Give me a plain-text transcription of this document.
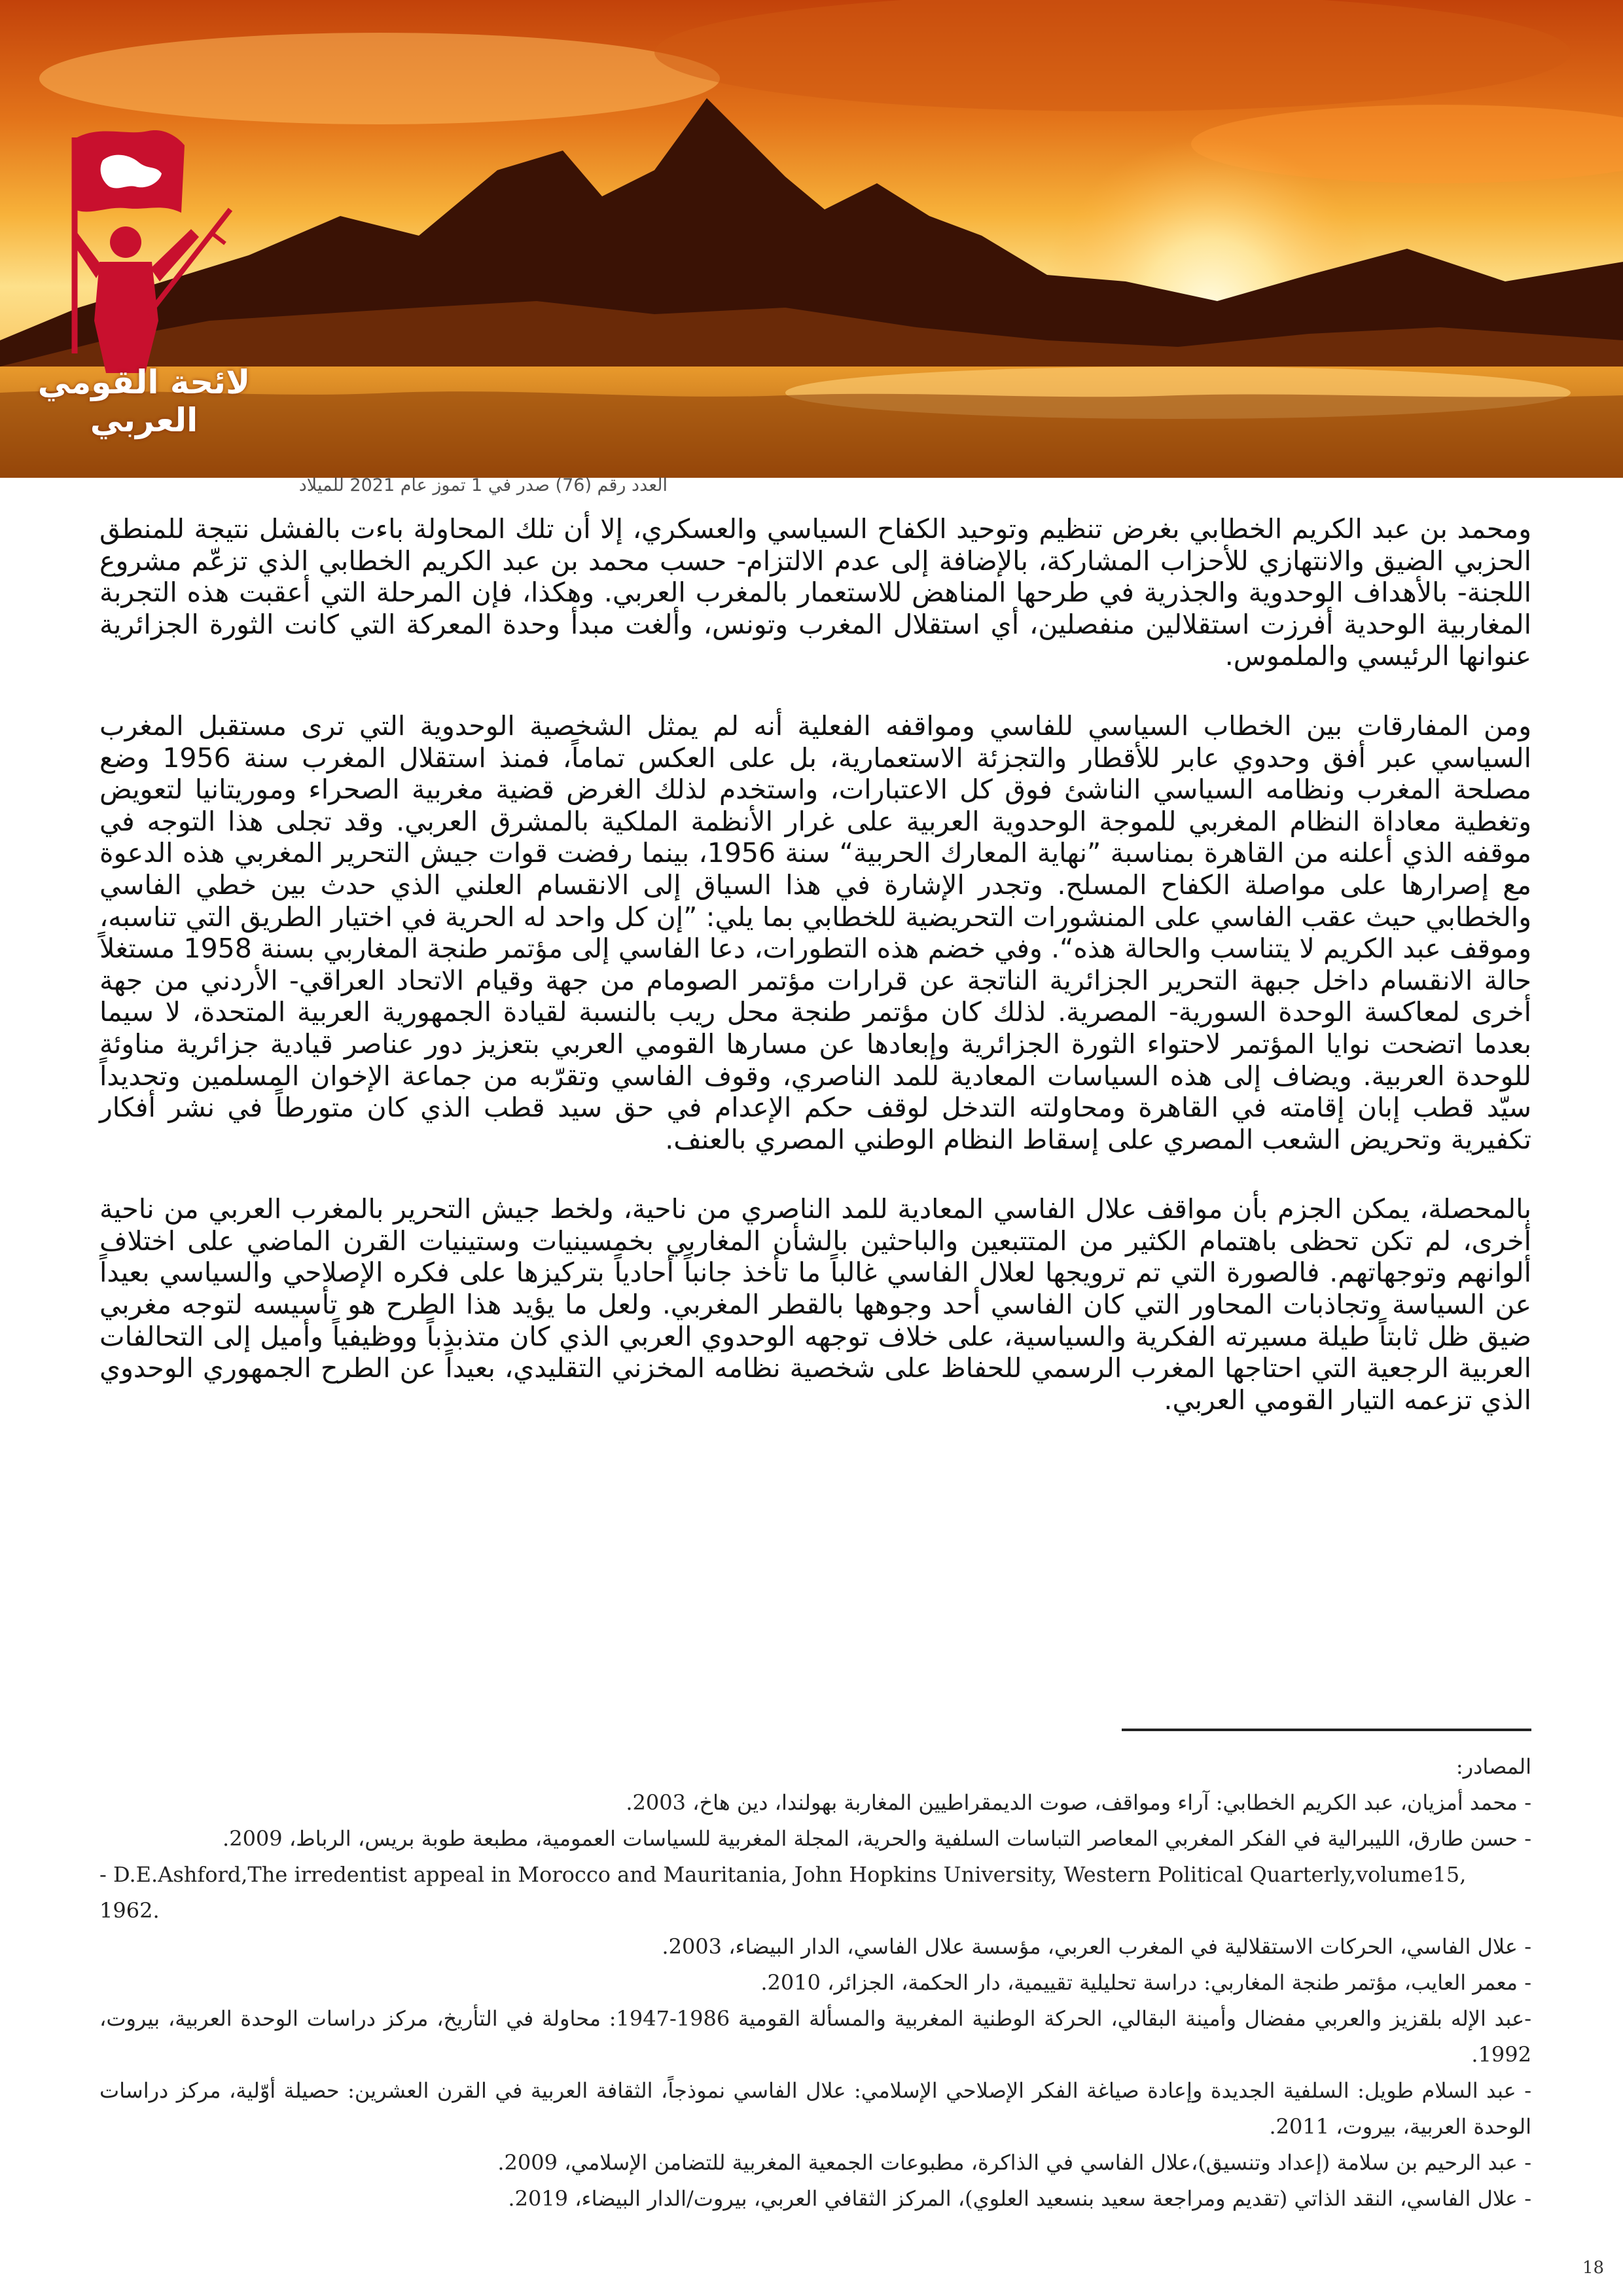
لائحة القومي العربي
العدد رقم (76) صدر في 1 تموز عام 2021 للميلاد

ومحمد بن عبد الكريم الخطابي بغرض تنظيم وتوحيد الكفاح السياسي والعسكري، إلا أن تلك المحاولة باءت بالفشل نتيجة للمنطق الحزبي الضيق والانتهازي للأحزاب المشاركة، بالإضافة إلى عدم الالتزام- حسب محمد بن عبد الكريم الخطابي الذي تزعّم مشروع اللجنة- بالأهداف الوحدوية والجذرية في طرحها المناهض للاستعمار بالمغرب العربي. وهكذا، فإن المرحلة التي أعقبت هذه التجربة المغاربية الوحدية أفرزت استقلالين منفصلين، أي استقلال المغرب وتونس، وألغت مبدأ وحدة المعركة التي كانت الثورة الجزائرية عنوانها الرئيسي والملموس.

ومن المفارقات بين الخطاب السياسي للفاسي ومواقفه الفعلية أنه لم يمثل الشخصية الوحدوية التي ترى مستقبل المغرب السياسي عبر أفق وحدوي عابر للأقطار والتجزئة الاستعمارية، بل على العكس تماماً، فمنذ استقلال المغرب سنة 1956 وضع مصلحة المغرب ونظامه السياسي الناشئ فوق كل الاعتبارات، واستخدم لذلك الغرض قضية مغربية الصحراء وموريتانيا لتعويض وتغطية معاداة النظام المغربي للموجة الوحدوية العربية على غرار الأنظمة الملكية بالمشرق العربي. وقد تجلى هذا التوجه في موقفه الذي أعلنه من القاهرة بمناسبة ”نهاية المعارك الحربية“ سنة 1956، بينما رفضت قوات جيش التحرير المغربي هذه الدعوة مع إصرارها على مواصلة الكفاح المسلح. وتجدر الإشارة في هذا السياق إلى الانقسام العلني الذي حدث بين خطي الفاسي والخطابي حيث عقب الفاسي على المنشورات التحريضية للخطابي بما يلي: ”إن كل واحد له الحرية في اختيار الطريق التي تناسبه، وموقف عبد الكريم لا يتناسب والحالة هذه“. وفي خضم هذه التطورات، دعا الفاسي إلى مؤتمر طنجة المغاربي بسنة 1958 مستغلاً حالة الانقسام داخل جبهة التحرير الجزائرية الناتجة عن قرارات مؤتمر الصومام من جهة وقيام الاتحاد العراقي- الأردني من جهة أخرى لمعاكسة الوحدة السورية- المصرية. لذلك كان مؤتمر طنجة محل ريب بالنسبة لقيادة الجمهورية العربية المتحدة، لا سيما بعدما اتضحت نوايا المؤتمر لاحتواء الثورة الجزائرية وإبعادها عن مسارها القومي العربي بتعزيز دور عناصر قيادية جزائرية مناوئة للوحدة العربية. ويضاف إلى هذه السياسات المعادية للمد الناصري، وقوف الفاسي وتقرّبه من جماعة الإخوان المسلمين وتحديداً سيّد قطب إبان إقامته في القاهرة ومحاولته التدخل لوقف حكم الإعدام في حق سيد قطب الذي كان متورطاً في نشر أفكار تكفيرية وتحريض الشعب المصري على إسقاط النظام الوطني المصري بالعنف.

بالمحصلة، يمكن الجزم بأن مواقف علال الفاسي المعادية للمد الناصري من ناحية، ولخط جيش التحرير بالمغرب العربي من ناحية أخرى، لم تكن تحظى باهتمام الكثير من المتتبعين والباحثين بالشأن المغاربي بخمسينيات وستينيات القرن الماضي على اختلاف ألوانهم وتوجهاتهم. فالصورة التي تم ترويجها لعلال الفاسي غالباً ما تأخذ جانباً أحادياً بتركيزها على فكره الإصلاحي والسياسي بعيداً عن السياسة وتجاذبات المحاور التي كان الفاسي أحد وجوهها بالقطر المغربي. ولعل ما يؤيد هذا الطرح هو تأسيسه لتوجه مغربي ضيق ظل ثابتاً طيلة مسيرته الفكرية والسياسية، على خلاف توجهه الوحدوي العربي الذي كان متذبذباً ووظيفياً وأميل إلى التحالفات العربية الرجعية التي احتاجها المغرب الرسمي للحفاظ على شخصية نظامه المخزني التقليدي، بعيداً عن الطرح الجمهوري الوحدوي الذي تزعمه التيار القومي العربي.

المصادر:

- محمد أمزيان، عبد الكريم الخطابي: آراء ومواقف، صوت الديمقراطيين المغاربة بهولندا، دين هاخ، 2003.

- حسن طارق، الليبرالية في الفكر المغربي المعاصر التباسات السلفية والحرية، المجلة المغربية للسياسات العمومية، مطبعة طوبة بريس، الرباط، 2009.

- D.E.Ashford,The irredentist appeal in Morocco and Mauritania, John Hopkins University, Western Political Quarterly,volume15, 1962.

- علال الفاسي، الحركات الاستقلالية في المغرب العربي، مؤسسة علال الفاسي، الدار البيضاء، 2003.

- معمر العايب، مؤتمر طنجة المغاربي: دراسة تحليلية تقييمية، دار الحكمة، الجزائر، 2010.

-عبد الإله بلقزيز والعربي مفضال وأمينة البقالي، الحركة الوطنية المغربية والمسألة القومية 1986-1947: محاولة في التأريخ، مركز دراسات الوحدة العربية، بيروت، 1992.

- عبد السلام طويل: السلفية الجديدة وإعادة صياغة الفكر الإصلاحي الإسلامي: علال الفاسي نموذجاً، الثقافة العربية في القرن العشرين: حصيلة أوّلية، مركز دراسات الوحدة العربية، بيروت، 2011.

- عبد الرحيم بن سلامة (إعداد وتنسيق)،علال الفاسي في الذاكرة، مطبوعات الجمعية المغربية للتضامن الإسلامي، 2009.

- علال الفاسي، النقد الذاتي (تقديم ومراجعة سعيد بنسعيد العلوي)، المركز الثقافي العربي، بيروت/الدار البيضاء، 2019.

18
